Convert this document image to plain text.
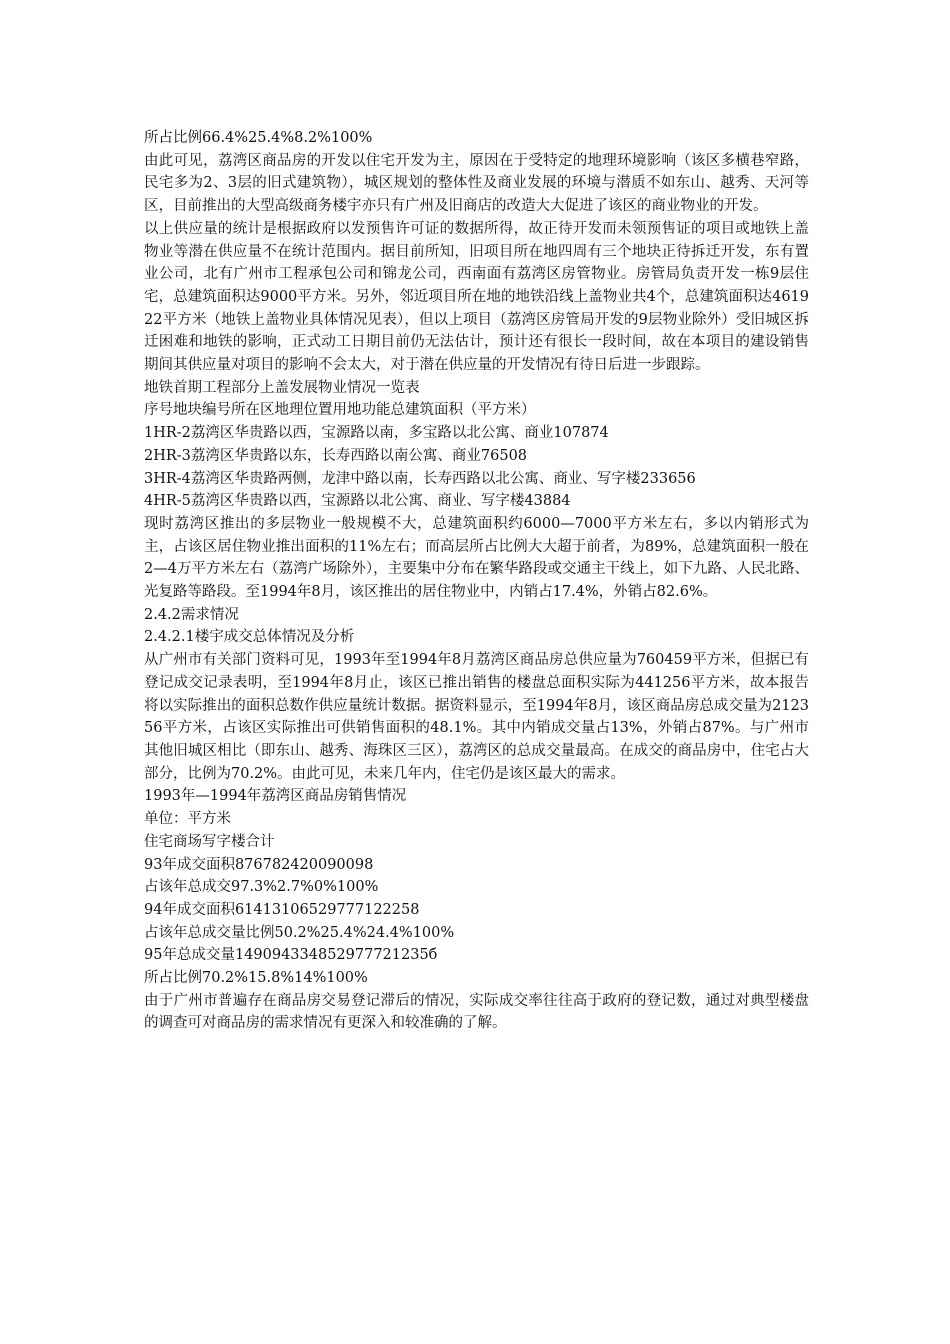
所占比例66.4%25.4%8.2%100%

由此可见，荔湾区商品房的开发以住宅开发为主，原因在于受特定的地理环境影响（该区多横巷窄路，民宅多为2、3层的旧式建筑物），城区规划的整体性及商业发展的环境与潜质不如东山、越秀、天河等区，目前推出的大型高级商务楼宇亦只有广州及旧商店的改造大大促进了该区的商业物业的开发。

以上供应量的统计是根据政府以发预售许可证的数据所得，故正待开发而未领预售证的项目或地铁上盖物业等潜在供应量不在统计范围内。据目前所知，旧项目所在地四周有三个地块正待拆迁开发，东有置业公司，北有广州市工程承包公司和锦龙公司，西南面有荔湾区房管物业。房管局负责开发一栋9层住宅，总建筑面积达9000平方米。另外，邻近项目所在地的地铁沿线上盖物业共4个，总建筑面积达461922平方米（地铁上盖物业具体情况见表），但以上项目（荔湾区房管局开发的9层物业除外）受旧城区拆迁困难和地铁的影响，正式动工日期目前仍无法估计，预计还有很长一段时间，故在本项目的建设销售期间其供应量对项目的影响不会太大，对于潜在供应量的开发情况有待日后进一步跟踪。

地铁首期工程部分上盖发展物业情况一览表

序号地块编号所在区地理位置用地功能总建筑面积（平方米）

1HR-2荔湾区华贵路以西，宝源路以南，多宝路以北公寓、商业107874

2HR-3荔湾区华贵路以东，长寿西路以南公寓、商业76508

3HR-4荔湾区华贵路两侧，龙津中路以南，长寿西路以北公寓、商业、写字楼233656

4HR-5荔湾区华贵路以西，宝源路以北公寓、商业、写字楼43884

现时荔湾区推出的多层物业一般规模不大，总建筑面积约6000—7000平方米左右，多以内销形式为主，占该区居住物业推出面积的11%左右；而高层所占比例大大超于前者，为89%，总建筑面积一般在2—4万平方米左右（荔湾广场除外），主要集中分布在繁华路段或交通主干线上，如下九路、人民北路、光复路等路段。至1994年8月，该区推出的居住物业中，内销占17.4%，外销占82.6%。

2.4.2需求情况

2.4.2.1楼宇成交总体情况及分析

从广州市有关部门资料可见，1993年至1994年8月荔湾区商品房总供应量为760459平方米，但据已有登记成交记录表明，至1994年8月止，该区已推出销售的楼盘总面积实际为441256平方米，故本报告将以实际推出的面积总数作供应量统计数据。据资料显示，至1994年8月，该区商品房总成交量为212356平方米，占该区实际推出可供销售面积的48.1%。其中内销成交量占13%，外销占87%。与广州市其他旧城区相比（即东山、越秀、海珠区三区），荔湾区的总成交量最高。在成交的商品房中，住宅占大部分，比例为70.2%。由此可见，未来几年内，住宅仍是该区最大的需求。

1993年—1994年荔湾区商品房销售情况

单位：平方米

住宅商场写字楼合计

93年成交面积876782420090098

占该年总成交97.3%2.7%0%100%

94年成交面积61413106529777122258

占该年总成交量比例50.2%25.4%24.4%100%

95年总成交量149094334852977721235б

所占比例70.2%15.8%14%100%

由于广州市普遍存在商品房交易登记滞后的情况，实际成交率往往高于政府的登记数，通过对典型楼盘的调查可对商品房的需求情况有更深入和较准确的了解。
